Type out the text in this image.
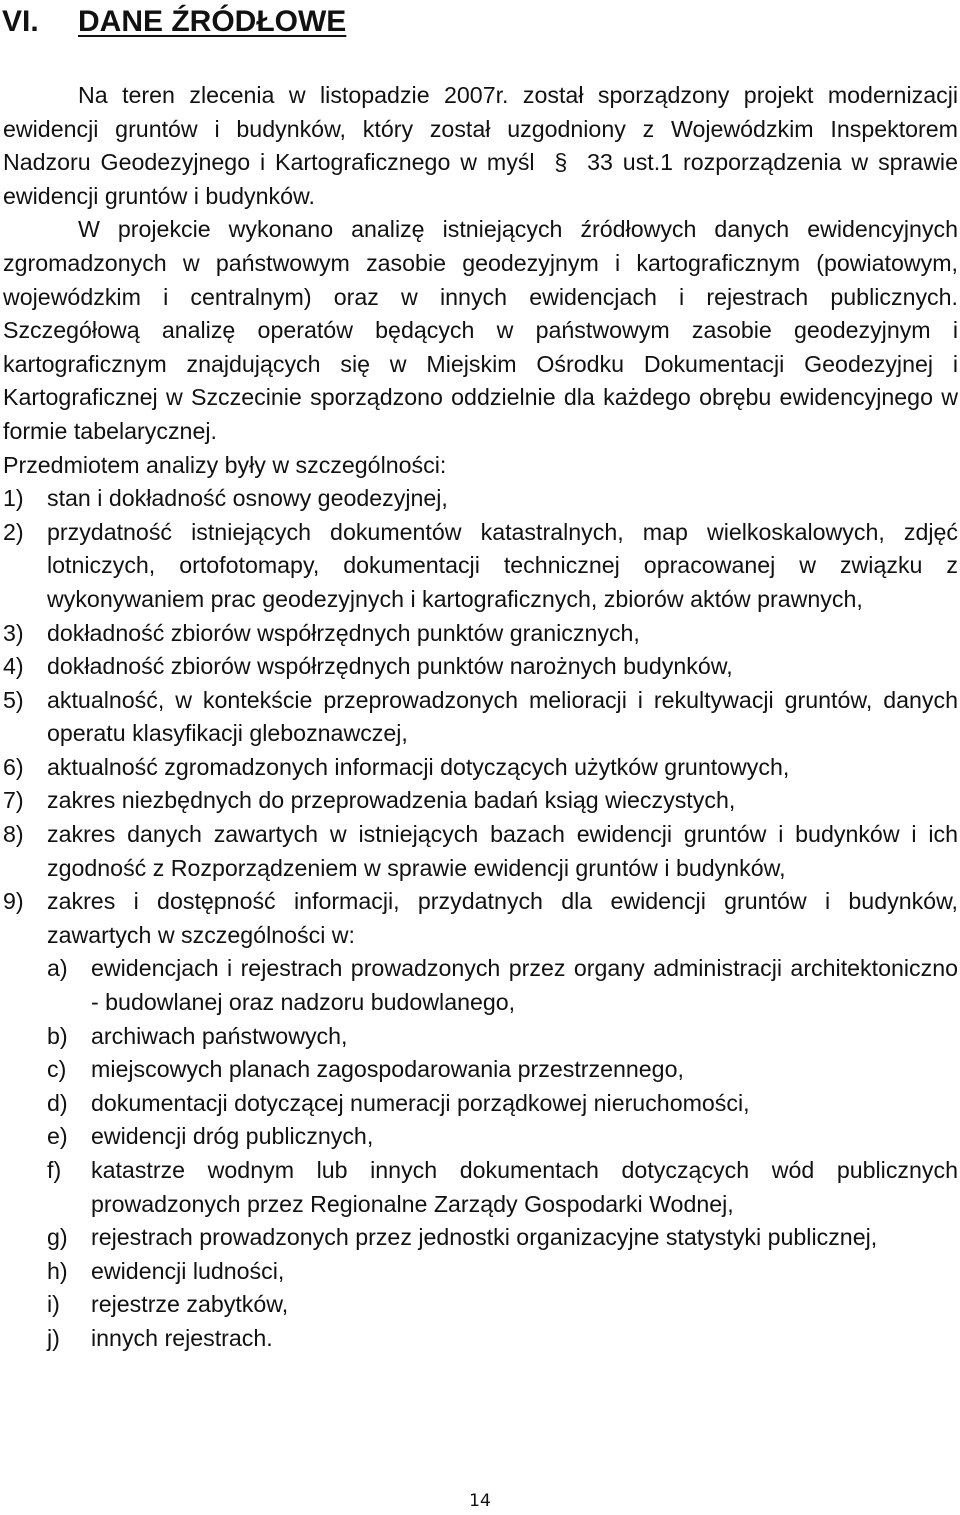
VI. DANE ŹRÓDŁOWE

Na teren zlecenia w listopadzie 2007r. został sporządzony projekt modernizacji ewidencji gruntów i budynków, który został uzgodniony z Wojewódzkim Inspektorem Nadzoru Geodezyjnego i Kartograficznego w myśl § 33 ust.1 rozporządzenia w sprawie ewidencji gruntów i budynków.

W projekcie wykonano analizę istniejących źródłowych danych ewidencyjnych zgromadzonych w państwowym zasobie geodezyjnym i kartograficznym (powiatowym, wojewódzkim i centralnym) oraz w innych ewidencjach i rejestrach publicznych. Szczegółową analizę operatów będących w państwowym zasobie geodezyjnym i kartograficznym znajdujących się w Miejskim Ośrodku Dokumentacji Geodezyjnej i Kartograficznej w Szczecinie sporządzono oddzielnie dla każdego obrębu ewidencyjnego w formie tabelarycznej.

Przedmiotem analizy były w szczególności:

1) stan i dokładność osnowy geodezyjnej,
2) przydatność istniejących dokumentów katastralnych, map wielkoskalowych, zdjęć lotniczych, ortofotomapy, dokumentacji technicznej opracowanej w związku z wykonywaniem prac geodezyjnych i kartograficznych, zbiorów aktów prawnych,
3) dokładność zbiorów współrzędnych punktów granicznych,
4) dokładność zbiorów współrzędnych punktów narożnych budynków,
5) aktualność, w kontekście przeprowadzonych melioracji i rekultywacji gruntów, danych operatu klasyfikacji gleboznawczej,
6) aktualność zgromadzonych informacji dotyczących użytków gruntowych,
7) zakres niezbędnych do przeprowadzenia badań ksiąg wieczystych,
8) zakres danych zawartych w istniejących bazach ewidencji gruntów i budynków i ich zgodność z Rozporządzeniem w sprawie ewidencji gruntów i budynków,
9) zakres i dostępność informacji, przydatnych dla ewidencji gruntów i budynków, zawartych w szczególności w:
a) ewidencjach i rejestrach prowadzonych przez organy administracji architektoniczno - budowlanej oraz nadzoru budowlanego,
b) archiwach państwowych,
c) miejscowych planach zagospodarowania przestrzennego,
d) dokumentacji dotyczącej numeracji porządkowej nieruchomości,
e) ewidencji dróg publicznych,
f) katastrze wodnym lub innych dokumentach dotyczących wód publicznych prowadzonych przez Regionalne Zarządy Gospodarki Wodnej,
g) rejestrach prowadzonych przez jednostki organizacyjne statystyki publicznej,
h) ewidencji ludności,
i) rejestrze zabytków,
j) innych rejestrach.
14
